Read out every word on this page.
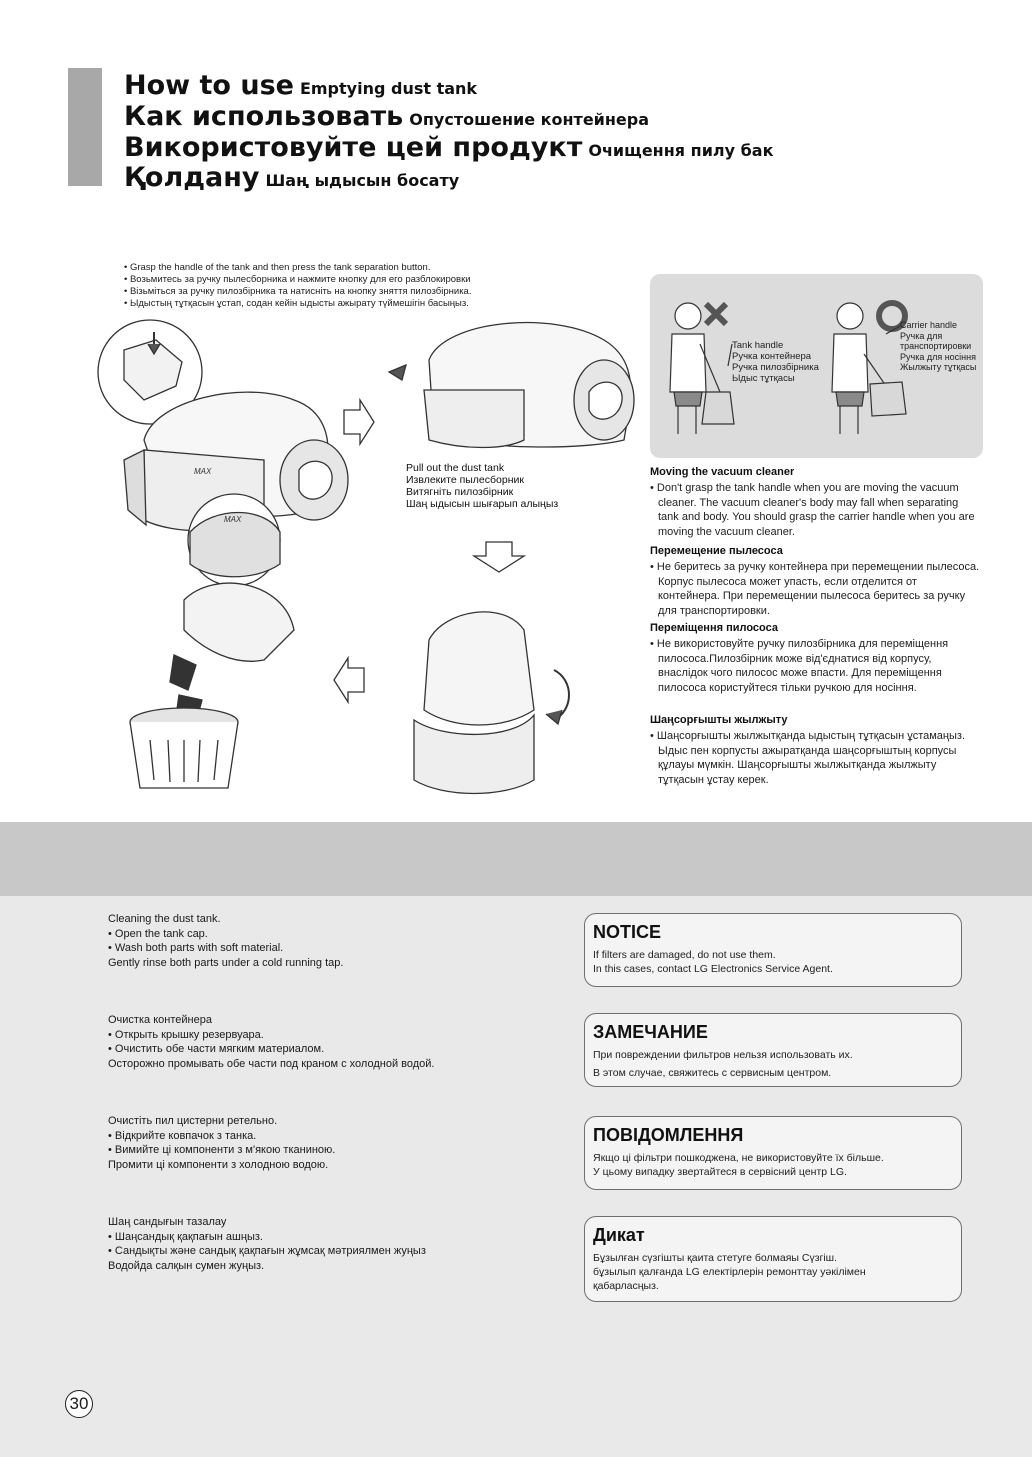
How to use Emptying dust tank
Как использовать Опустошение контейнера
Використовуйте цей продукт Очищення пилу бак
Қолдану Шаң ыдысын босату
• Grasp the handle of the tank and then press the tank separation button.
• Возьмитесь за ручку пылесборника и нажмите кнопку для его разблокировки
• Візьміться за ручку пилозбірника та натисніть на кнопку зняття пилозбірника.
• Ыдыстың тұтқасын ұстап, содан кейін ыдысты ажырату түймешігін басыңыз.
MAX
MAX
Pull out the dust tank
Извлеките пылесборник
Витягніть пилозбірник
Шаң ыдысын шығарып алыңыз
Tank handle
Ручка контейнера
Ручка пилозбірника
Ыдыс тұтқасы
Carrier handle
Ручка для
транспортировки
Ручка для носіння
Жылжыту тұтқасы

Moving the vacuum cleaner

• Don't grasp the tank handle when you are moving the vacuum cleaner. The vacuum cleaner's body may fall when separating tank and body. You should grasp the carrier handle when you are moving the vacuum cleaner.

Перемещение пылесоса

• Не беритесь за ручку контейнера при перемещении пылесоса. Корпус пылесоса может упасть, если отделится от контейнера. При перемещении пылесоса беритесь за ручку для транспортировки.

Переміщення пилососа

• Не використовуйте ручку пилозбірника для переміщення пилососа.Пилозбірник може від'єднатися від корпусу, внаслідок чого пилосос може впасти. Для переміщення пилососа користуйтеся тільки ручкою для носіння.

Шаңсорғышты жылжыту

• Шаңсорғышты жылжытқанда ыдыстың тұтқасын ұстамаңыз. Ыдыс пен корпусты ажыратқанда шаңсорғыштың корпусы құлауы мүмкін. Шаңсорғышты жылжытқанда жылжыту тұтқасын ұстау керек.

Cleaning the dust tank.
• Open the tank cap.
• Wash both parts with soft material.
Gently rinse both parts under a cold running tap.
Очистка контейнера
• Открыть крышку резервуара.
• Очистить обе части мягким материалом.
Осторожно промывать обе части под краном с холодной водой.
Очистіть пил цистерни ретельно.
• Відкрийте ковпачок з танка.
• Вимийте ці компоненти з м'якою тканиною.
Промити ці компоненти з холодною водою.
Шаң сандығын тазалау
• Шаңсандық қақпағын ашңыз.
• Сандықты және сандық қақпағын жұмсақ мәтриялмен жуңыз
Водойда салқын сумен жуңыз.
NOTICE
If filters are damaged, do not use them.
In this cases, contact LG Electronics Service Agent.
ЗАМЕЧАНИЕ
При повреждении фильтров нельзя использовать их.
В этом случае, свяжитесь с сервисным центром.
ПОВІДОМЛЕННЯ
Якщо ці фільтри пошкоджена, не використовуйте їх більше.
У цьому випадку звертайтеся в сервісний центр LG.
Дикат
Бұзылған сүзгішты қаита стетуге болмаяы Сүзгіш.
бұзылып қалғанда LG електірлерін ремонттау уәкілімен
қабарласңыз.
30
